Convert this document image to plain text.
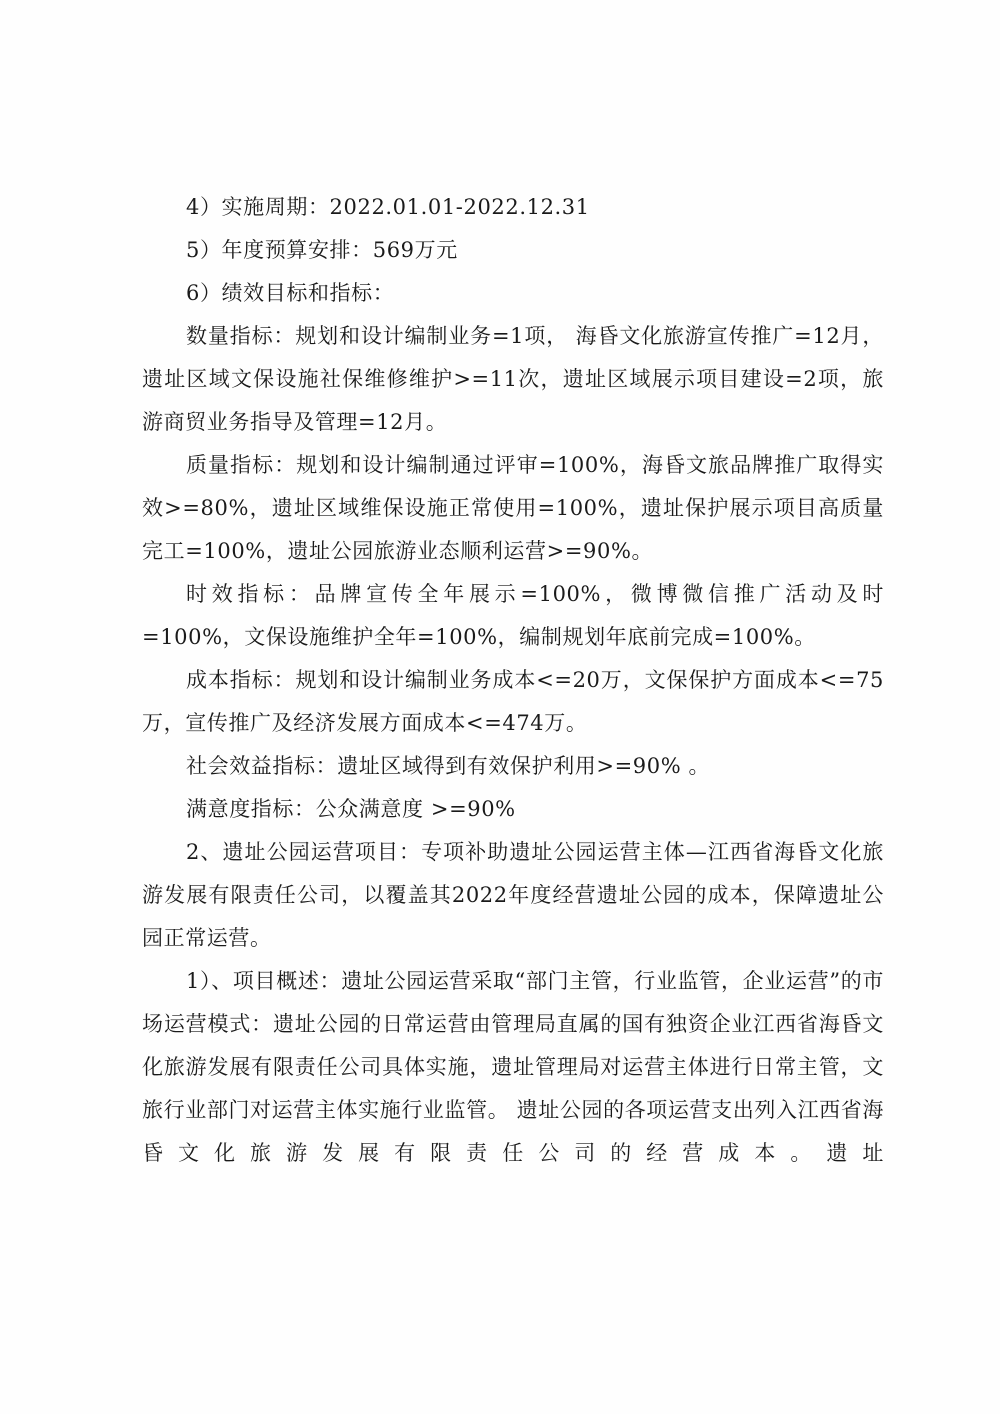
4）实施周期：2022.01.01-2022.12.31

5）年度预算安排：569万元

6）绩效目标和指标：

数量指标：规划和设计编制业务=1项， 海昏文化旅游宣传推广=12月，遗址区域文保设施社保维修维护>=11次，遗址区域展示项目建设=2项，旅游商贸业务指导及管理=12月。

质量指标：规划和设计编制通过评审=100%，海昏文旅品牌推广取得实效>=80%，遗址区域维保设施正常使用=100%，遗址保护展示项目高质量完工=100%，遗址公园旅游业态顺利运营>=90%。

时效指标：品牌宣传全年展示=100%，微博微信推广活动及时=100%，文保设施维护全年=100%，编制规划年底前完成=100%。

成本指标：规划和设计编制业务成本<=20万，文保保护方面成本<=75万，宣传推广及经济发展方面成本<=474万。

社会效益指标：遗址区域得到有效保护利用>=90% 。

满意度指标：公众满意度 >=90%

2、遗址公园运营项目：专项补助遗址公园运营主体—江西省海昏文化旅游发展有限责任公司，以覆盖其2022年度经营遗址公园的成本，保障遗址公园正常运营。

1）、项目概述：遗址公园运营采取“部门主管，行业监管，企业运营”的市场运营模式：遗址公园的日常运营由管理局直属的国有独资企业江西省海昏文化旅游发展有限责任公司具体实施，遗址管理局对运营主体进行日常主管，文旅行业部门对运营主体实施行业监管。 遗址公园的各项运营支出列入江西省海昏文化旅游发展有限责任公司的经营成本。遗址
